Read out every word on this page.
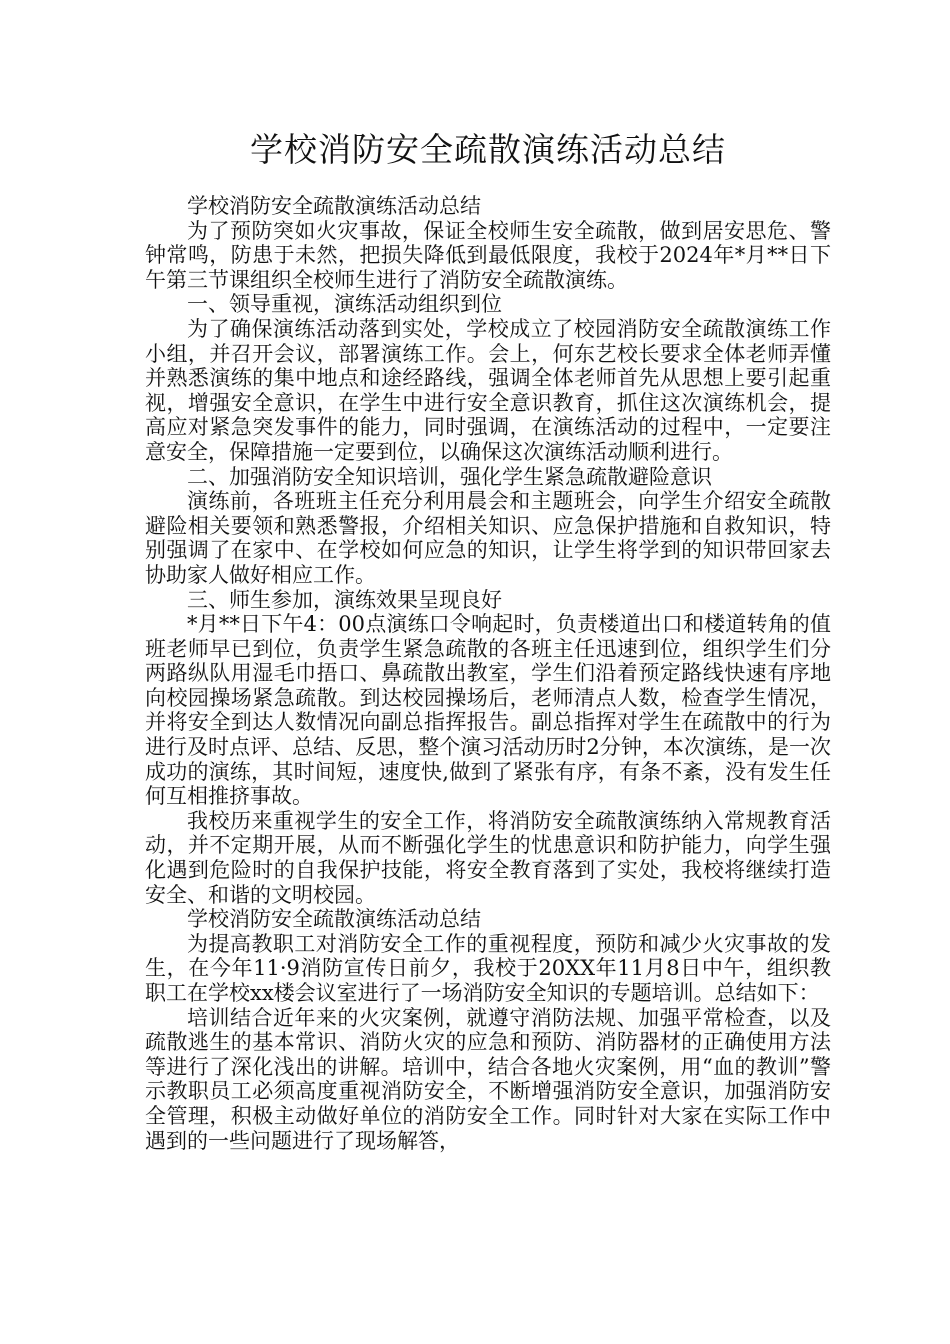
学校消防安全疏散演练活动总结

学校消防安全疏散演练活动总结

为了预防突如火灾事故，保证全校师生安全疏散，做到居安思危、警钟常鸣，防患于未然，把损失降低到最低限度，我校于2024年*月**日下午第三节课组织全校师生进行了消防安全疏散演练。

一、领导重视，演练活动组织到位

为了确保演练活动落到实处，学校成立了校园消防安全疏散演练工作小组，并召开会议，部署演练工作。会上，何东艺校长要求全体老师弄懂并熟悉演练的集中地点和途经路线，强调全体老师首先从思想上要引起重视，增强安全意识，在学生中进行安全意识教育，抓住这次演练机会，提高应对紧急突发事件的能力，同时强调，在演练活动的过程中，一定要注意安全，保障措施一定要到位，以确保这次演练活动顺利进行。

二、加强消防安全知识培训，强化学生紧急疏散避险意识

演练前，各班班主任充分利用晨会和主题班会，向学生介绍安全疏散避险相关要领和熟悉警报，介绍相关知识、应急保护措施和自救知识，特别强调了在家中、在学校如何应急的知识，让学生将学到的知识带回家去协助家人做好相应工作。

三、师生参加，演练效果呈现良好

*月**日下午4：00点演练口令响起时，负责楼道出口和楼道转角的值班老师早已到位，负责学生紧急疏散的各班主任迅速到位，组织学生们分两路纵队用湿毛巾捂口、鼻疏散出教室，学生们沿着预定路线快速有序地向校园操场紧急疏散。到达校园操场后，老师清点人数，检查学生情况，并将安全到达人数情况向副总指挥报告。副总指挥对学生在疏散中的行为进行及时点评、总结、反思，整个演习活动历时2分钟，本次演练，是一次成功的演练，其时间短，速度快,做到了紧张有序，有条不紊，没有发生任何互相推挤事故。

我校历来重视学生的安全工作，将消防安全疏散演练纳入常规教育活动，并不定期开展，从而不断强化学生的忧患意识和防护能力，向学生强化遇到危险时的自我保护技能，将安全教育落到了实处，我校将继续打造安全、和谐的文明校园。

学校消防安全疏散演练活动总结

为提高教职工对消防安全工作的重视程度，预防和减少火灾事故的发生，在今年11·9消防宣传日前夕，我校于20XX年11月8日中午，组织教职工在学校xx楼会议室进行了一场消防安全知识的专题培训。总结如下：

培训结合近年来的火灾案例，就遵守消防法规、加强平常检查，以及疏散逃生的基本常识、消防火灾的应急和预防、消防器材的正确使用方法等进行了深化浅出的讲解。培训中，结合各地火灾案例，用“血的教训”警示教职员工必须高度重视消防安全，不断增强消防安全意识，加强消防安全管理，积极主动做好单位的消防安全工作。同时针对大家在实际工作中遇到的一些问题进行了现场解答，
